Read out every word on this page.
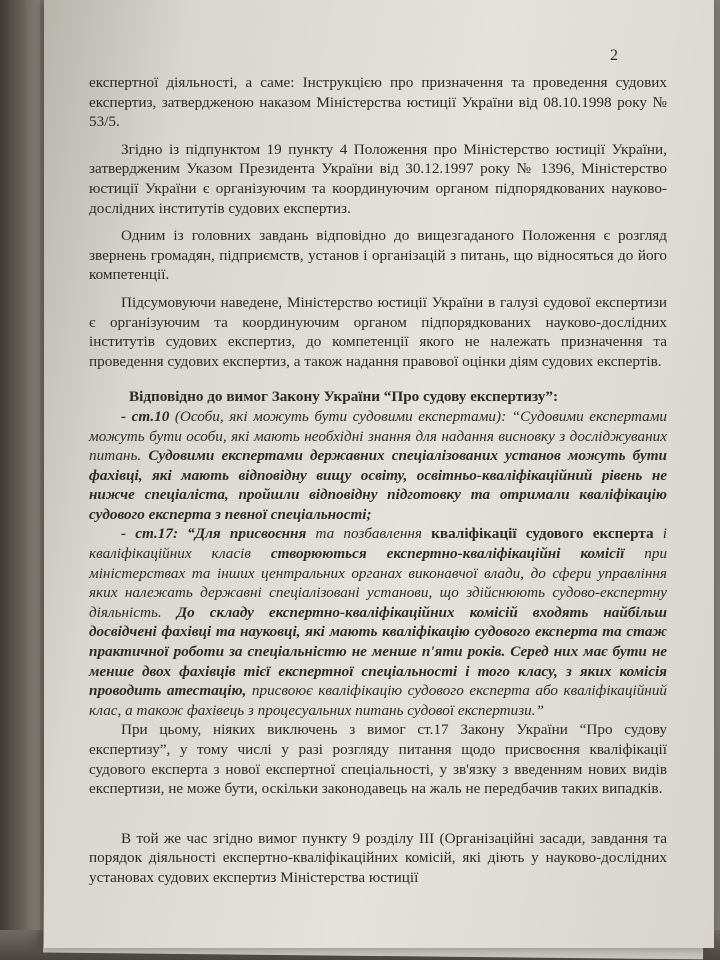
2

експертної діяльності, а саме: Інструкцією про призначення та проведення судових експертиз, затвердженою наказом Міністерства юстиції України від 08.10.1998 року № 53/5.

Згідно із підпунктом 19 пункту 4 Положення про Міністерство юстиції України, затвердженим Указом Президента України від 30.12.1997 року № 1396, Міністерство юстиції України є організуючим та координуючим органом підпорядкованих науково-дослідних інститутів судових експертиз.

Одним із головних завдань відповідно до вищезгаданого Положення є розгляд звернень громадян, підприємств, установ і організацій з питань, що відносяться до його компетенції.

Підсумовуючи наведене, Міністерство юстиції України в галузі судової експертизи є організуючим та координуючим органом підпорядкованих науково-дослідних інститутів судових експертиз, до компетенції якого не належать призначення та проведення судових експертиз, а також надання правової оцінки діям судових експертів.

Відповідно до вимог Закону України “Про судову експертизу”:

- ст.10 (Особи, які можуть бути судовими експертами): “Судовими експертами можуть бути особи, які мають необхідні знання для надання висновку з досліджуваних питань. Судовими експертами державних спеціалізованих установ можуть бути фахівці, які мають відповідну вищу освіту, освітньо-кваліфікаційний рівень не нижче спеціаліста, пройшли відповідну підготовку та отримали кваліфікацію судового експерта з певної спеціальності;

- ст.17: “Для присвоєння та позбавлення кваліфікації судового експерта і кваліфікаційних класів створюються експертно-кваліфікаційні комісії при міністерствах та інших центральних органах виконавчої влади, до сфери управління яких належать державні спеціалізовані установи, що здійснюють судово-експертну діяльність. До складу експертно-кваліфікаційних комісій входять найбільш досвідчені фахівці та науковці, які мають кваліфікацію судового експерта та стаж практичної роботи за спеціальністю не менше п'яти років. Серед них має бути не менше двох фахівців тієї експертної спеціальності і того класу, з яких комісія проводить атестацію, присвоює кваліфікацію судового експерта або кваліфікаційний клас, а також фахівець з процесуальних питань судової експертизи.”

При цьому, ніяких виключень з вимог ст.17 Закону України “Про судову експертизу”, у тому числі у разі розгляду питання щодо присвоєння кваліфікації судового експерта з нової експертної спеціальності, у зв'язку з введенням нових видів експертизи, не може бути, оскільки законодавець на жаль не передбачив таких випадків.

В той же час згідно вимог пункту 9 розділу ІІІ (Організаційні засади, завдання та порядок діяльності експертно-кваліфікаційних комісій, які діють у науково-дослідних установах судових експертиз Міністерства юстиції
